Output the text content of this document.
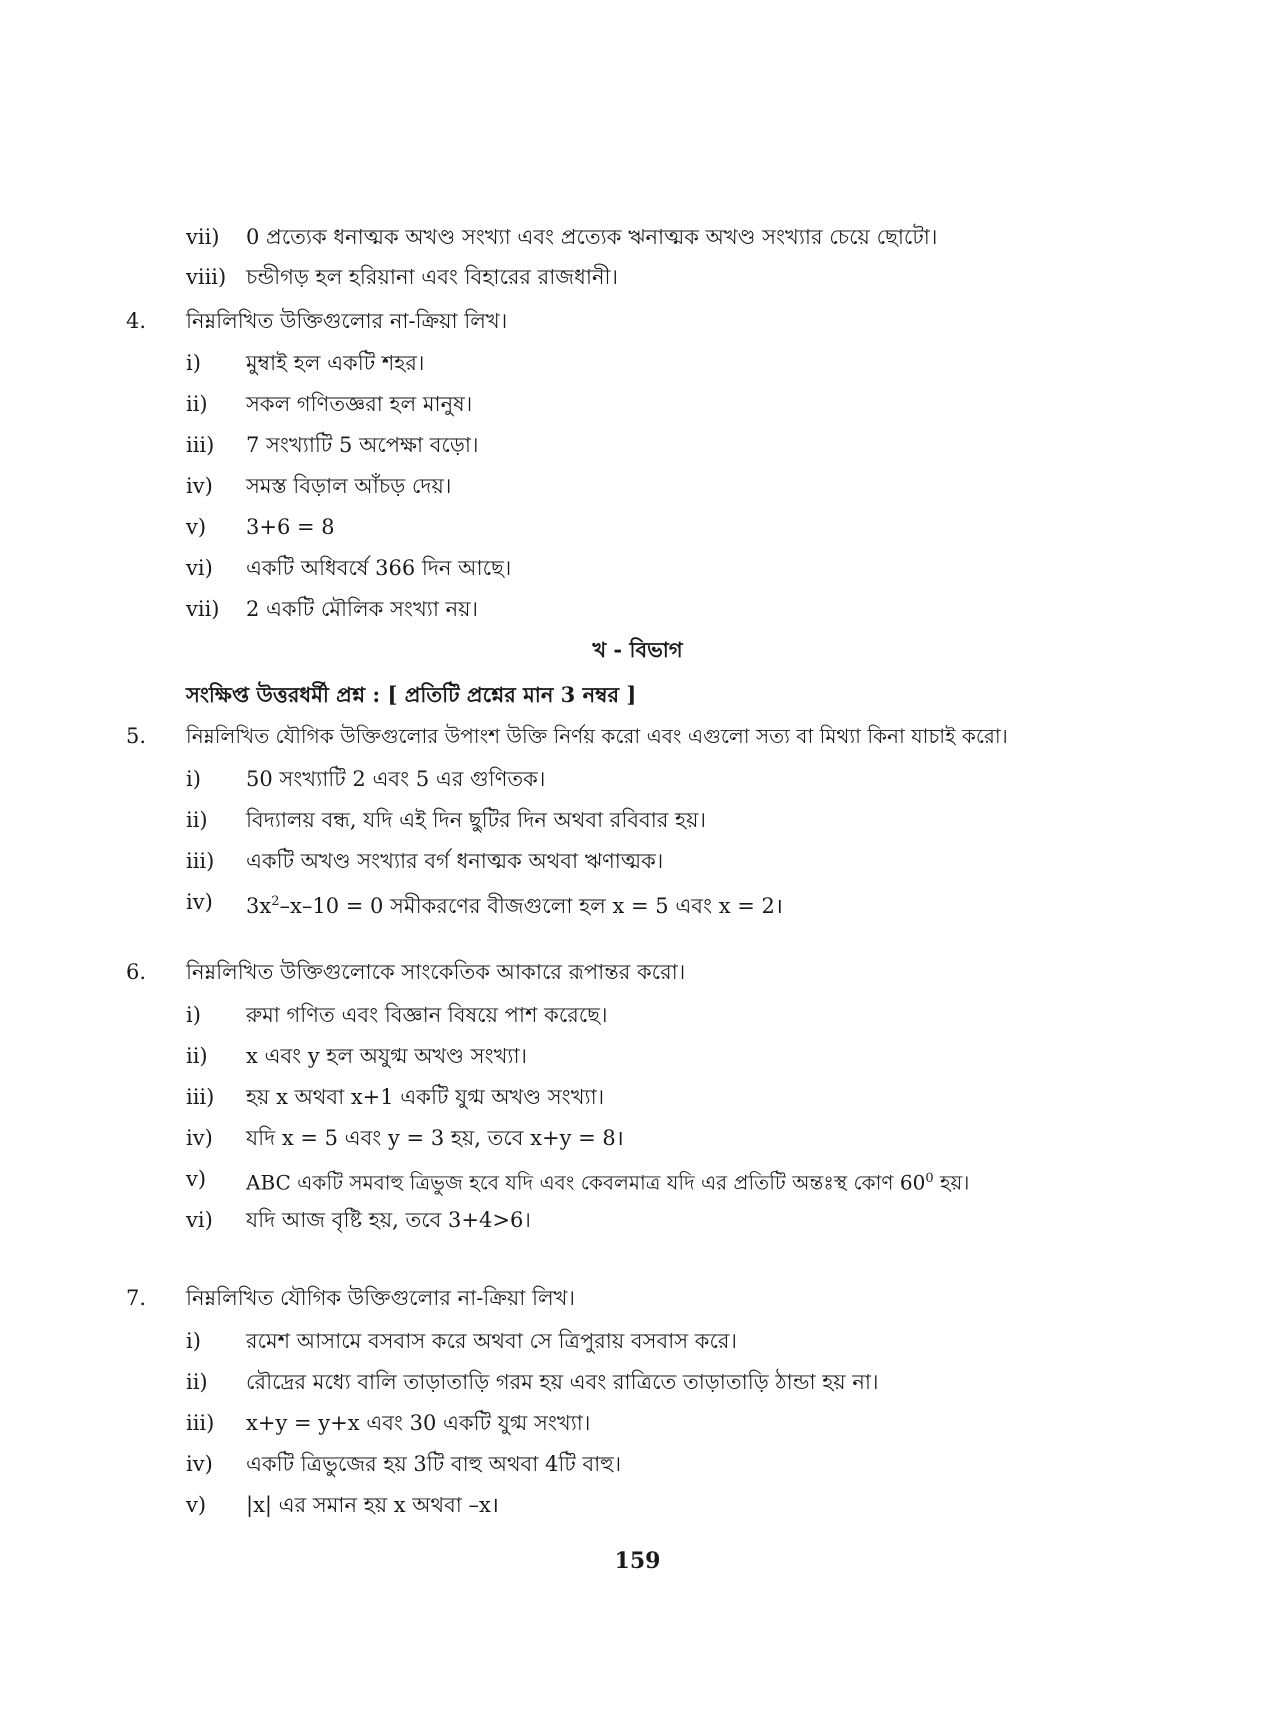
vii) 0 প্রত্যেক ধনাত্মক অখণ্ড সংখ্যা এবং প্রত্যেক ঋনাত্মক অখণ্ড সংখ্যার চেয়ে ছোটো।
viii) চন্ডীগড় হল হরিয়ানা এবং বিহারের রাজধানী।
4. নিম্নলিখিত উক্তিগুলোর না-ক্রিয়া লিখ।
i) মুম্বাই হল একটি শহর।
ii) সকল গণিতজ্ঞরা হল মানুষ।
iii) 7 সংখ্যাটি 5 অপেক্ষা বড়ো।
iv) সমস্ত বিড়াল আঁচড় দেয়।
v) 3+6 = 8
vi) একটি অধিবর্ষে 366 দিন আছে।
vii) 2 একটি মৌলিক সংখ্যা নয়।
খ - বিভাগ
সংক্ষিপ্ত উত্তরধর্মী প্রশ্ন : [ প্রতিটি প্রশ্নের মান 3 নম্বর ]
5. নিম্নলিখিত যৌগিক উক্তিগুলোর উপাংশ উক্তি নির্ণয় করো এবং এগুলো সত্য বা মিথ্যা কিনা যাচাই করো।
i) 50 সংখ্যাটি 2 এবং 5 এর গুণিতক।
ii) বিদ্যালয় বন্ধ, যদি এই দিন ছুটির দিন অথবা রবিবার হয়।
iii) একটি অখণ্ড সংখ্যার বর্গ ধনাত্মক অথবা ঋণাত্মক।
iv) $3x^2-x-10 = 0$ সমীকরণের বীজগুলো হল x = 5 এবং x = 2।
6. নিম্নলিখিত উক্তিগুলোকে সাংকেতিক আকারে রূপান্তর করো।
i) রুমা গণিত এবং বিজ্ঞান বিষয়ে পাশ করেছে।
ii) x এবং y হল অযুগ্ম অখণ্ড সংখ্যা।
iii) হয় x অথবা x+1 একটি যুগ্ম অখণ্ড সংখ্যা।
iv) যদি x = 5 এবং y = 3 হয়, তবে x+y = 8।
v) ABC একটি সমবাহু ত্রিভুজ হবে যদি এবং কেবলমাত্র যদি এর প্রতিটি অন্তঃস্থ কোণ $60^0$ হয়।
vi) যদি আজ বৃষ্টি হয়, তবে 3+4>6।
7. নিম্নলিখিত যৌগিক উক্তিগুলোর না-ক্রিয়া লিখ।
i) রমেশ আসামে বসবাস করে অথবা সে ত্রিপুরায় বসবাস করে।
ii) রৌদ্রের মধ্যে বালি তাড়াতাড়ি গরম হয় এবং রাত্রিতে তাড়াতাড়ি ঠান্ডা হয় না।
iii) x+y = y+x এবং 30 একটি যুগ্ম সংখ্যা।
iv) একটি ত্রিভুজের হয় 3টি বাহু অথবা 4টি বাহু।
v) |x| এর সমান হয় x অথবা –x।
159
